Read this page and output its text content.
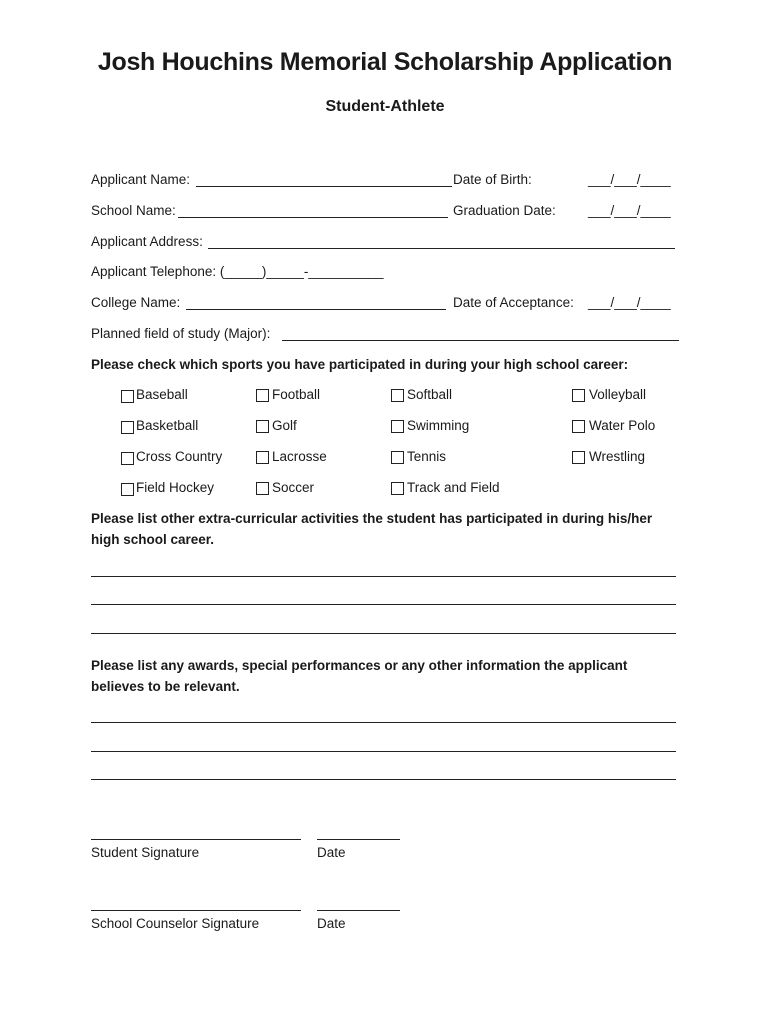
Josh Houchins Memorial Scholarship Application
Student-Athlete
Applicant Name:	Date of Birth:	___/___/____
School Name:	Graduation Date: ___/___/____
Applicant Address:
Applicant Telephone: (_____)_____-__________
College Name:	Date of Acceptance: ___/___/____
Planned field of study (Major):
Please check which sports you have participated in during your high school career:
Baseball	Football	Softball	Volleyball
Basketball	Golf	Swimming	Water Polo
Cross Country	Lacrosse	Tennis	Wrestling
Field Hockey	Soccer	Track and Field
Please list other extra-curricular activities the student has participated in during his/her high school career.
Please list any awards, special performances or any other information the applicant believes to be relevant.
Student Signature	Date
School Counselor Signature	Date
